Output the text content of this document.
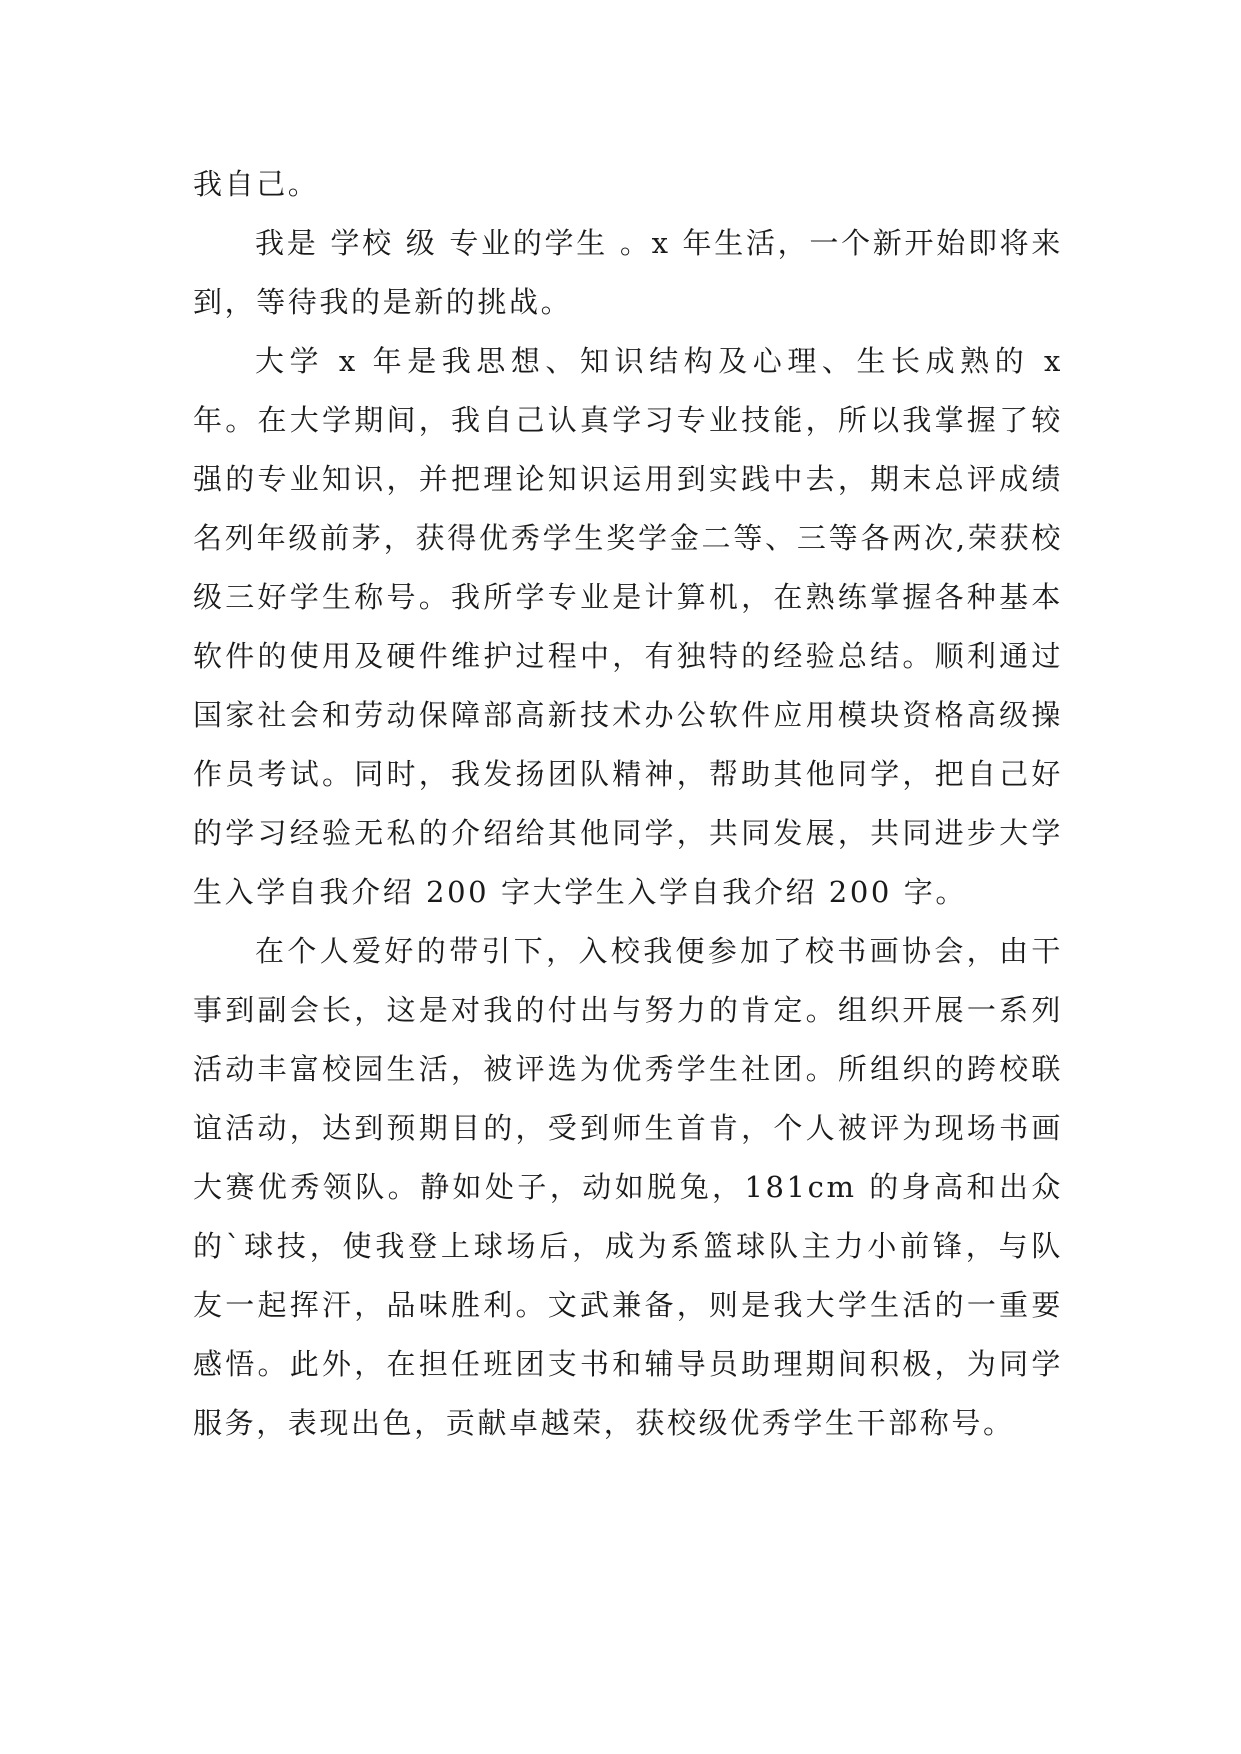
我自己。

我是 学校 级 专业的学生 。x 年生活，一个新开始即将来到，等待我的是新的挑战。

大学 x 年是我思想、知识结构及心理、生长成熟的 x 年。在大学期间，我自己认真学习专业技能，所以我掌握了较强的专业知识，并把理论知识运用到实践中去，期末总评成绩名列年级前茅，获得优秀学生奖学金二等、三等各两次,荣获校级三好学生称号。我所学专业是计算机，在熟练掌握各种基本软件的使用及硬件维护过程中，有独特的经验总结。顺利通过国家社会和劳动保障部高新技术办公软件应用模块资格高级操作员考试。同时，我发扬团队精神，帮助其他同学，把自己好的学习经验无私的介绍给其他同学，共同发展，共同进步大学生入学自我介绍 200 字大学生入学自我介绍 200 字。

在个人爱好的带引下，入校我便参加了校书画协会，由干事到副会长，这是对我的付出与努力的肯定。组织开展一系列活动丰富校园生活，被评选为优秀学生社团。所组织的跨校联谊活动，达到预期目的，受到师生首肯，个人被评为现场书画大赛优秀领队。静如处子，动如脱兔，181cm 的身高和出众的`球技，使我登上球场后，成为系篮球队主力小前锋，与队友一起挥汗，品味胜利。文武兼备，则是我大学生活的一重要感悟。此外，在担任班团支书和辅导员助理期间积极，为同学服务，表现出色，贡献卓越荣，获校级优秀学生干部称号。
